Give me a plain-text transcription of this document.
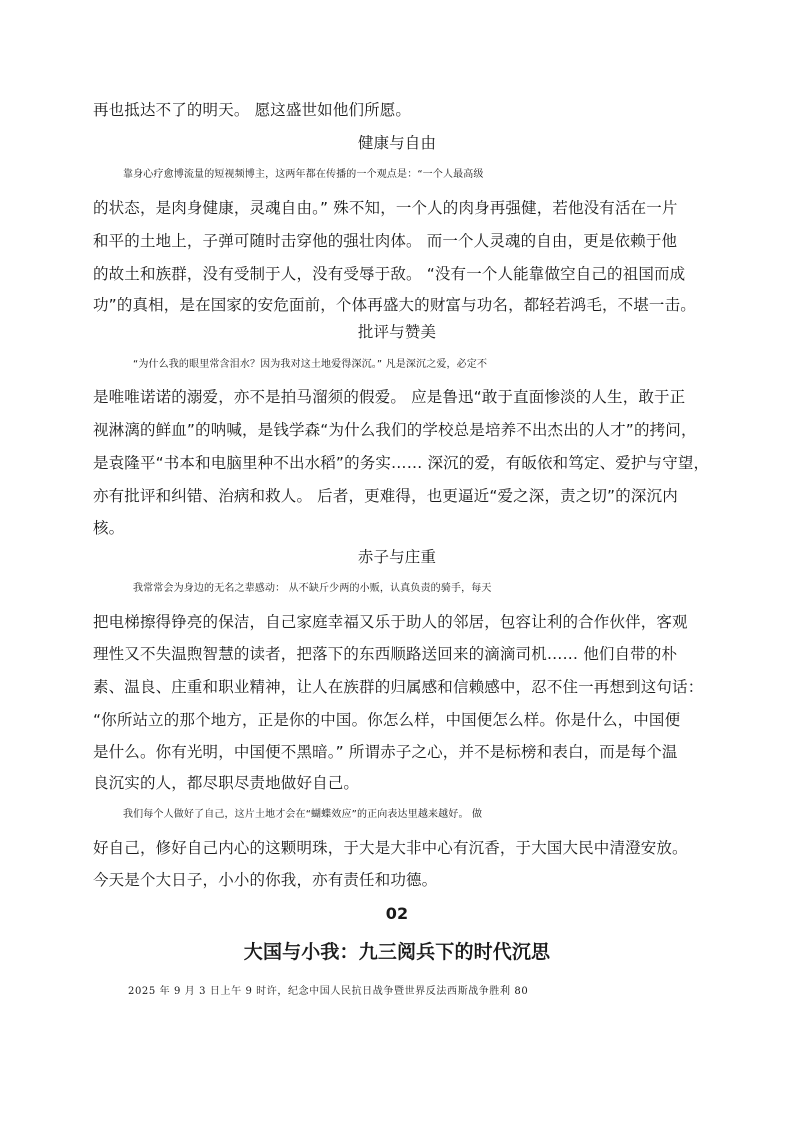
再也抵达不了的明天。 愿这盛世如他们所愿。
健康与自由
靠身心疗愈博流量的短视频博主，这两年都在传播的一个观点是：“一个人最高级
的状态，是肉身健康，灵魂自由。” 殊不知，一个人的肉身再强健，若他没有活在一片
和平的土地上，子弹可随时击穿他的强壮肉体。 而一个人灵魂的自由，更是依赖于他
的故土和族群，没有受制于人，没有受辱于敌。 “没有一个人能靠做空自己的祖国而成
功”的真相，是在国家的安危面前，个体再盛大的财富与功名，都轻若鸿毛，不堪一击。
批评与赞美
“为什么我的眼里常含泪水？因为我对这土地爱得深沉。” 凡是深沉之爱，必定不
是唯唯诺诺的溺爱，亦不是拍马溜须的假爱。 应是鲁迅“敢于直面惨淡的人生，敢于正
视淋漓的鲜血”的呐喊，是钱学森“为什么我们的学校总是培养不出杰出的人才”的拷问，
是袁隆平“书本和电脑里种不出水稻”的务实…… 深沉的爱，有皈依和笃定、爱护与守望，
亦有批评和纠错、治病和救人。 后者，更难得，也更逼近“爱之深，责之切”的深沉内
核。
赤子与庄重
我常常会为身边的无名之辈感动： 从不缺斤少两的小贩，认真负责的骑手，每天
把电梯擦得铮亮的保洁，自己家庭幸福又乐于助人的邻居，包容让利的合作伙伴，客观
理性又不失温煦智慧的读者，把落下的东西顺路送回来的滴滴司机…… 他们自带的朴
素、温良、庄重和职业精神，让人在族群的归属感和信赖感中，忍不住一再想到这句话：
“你所站立的那个地方，正是你的中国。你怎么样，中国便怎么样。你是什么，中国便
是什么。你有光明，中国便不黑暗。” 所谓赤子之心，并不是标榜和表白，而是每个温
良沉实的人，都尽职尽责地做好自己。
我们每个人做好了自己，这片土地才会在“蝴蝶效应”的正向表达里越来越好。 做
好自己，修好自己内心的这颗明珠，于大是大非中心有沉香，于大国大民中清澄安放。
今天是个大日子，小小的你我，亦有责任和功德。
02
大国与小我：九三阅兵下的时代沉思
2025 年 9 月 3 日上午 9 时许，纪念中国人民抗日战争暨世界反法西斯战争胜利 80
